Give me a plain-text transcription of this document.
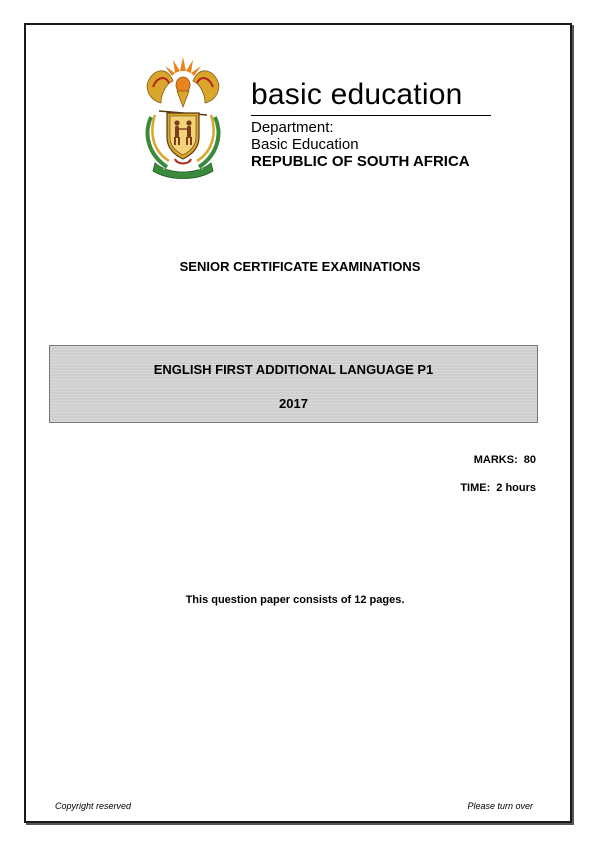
basic education
Department:
Basic Education
REPUBLIC OF SOUTH AFRICA
SENIOR CERTIFICATE EXAMINATIONS
ENGLISH FIRST ADDITIONAL LANGUAGE P1
2017
MARKS: 80
TIME: 2 hours
This question paper consists of 12 pages.
Copyright reserved	Please turn over
